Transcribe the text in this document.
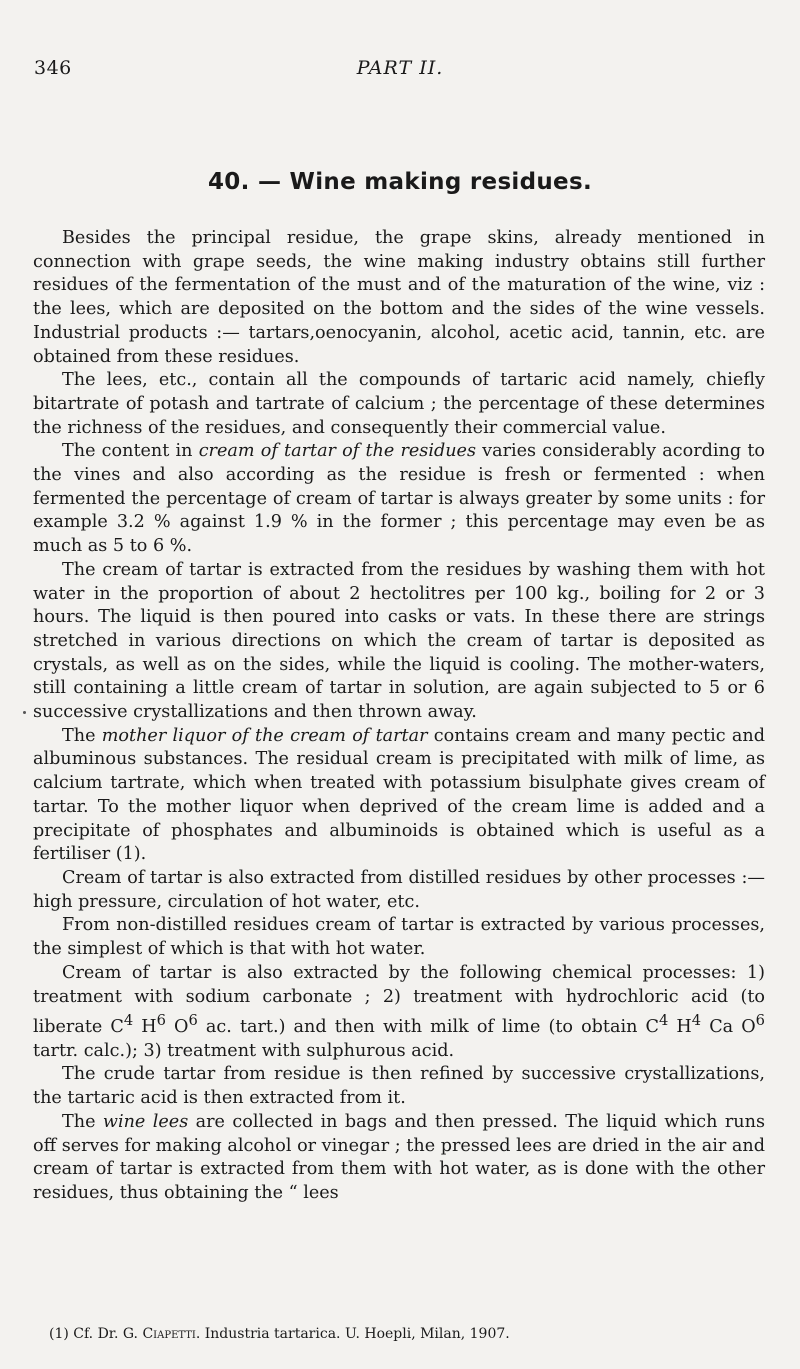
346	PART II.
40. — Wine making residues.

Besides the principal residue, the grape skins, already mentioned in connection with grape seeds, the wine making industry obtains still further residues of the fermentation of the must and of the maturation of the wine, viz : the lees, which are deposited on the bottom and the sides of the wine vessels. Industrial products :— tartars,oenocyanin, alcohol, acetic acid, tannin, etc. are obtained from these residues.

The lees, etc., contain all the compounds of tartaric acid namely, chiefly bitartrate of potash and tartrate of calcium ; the percentage of these determines the richness of the residues, and consequently their commercial value.

The content in cream of tartar of the residues varies considerably acording to the vines and also according as the residue is fresh or fermented : when fermented the percentage of cream of tartar is always greater by some units : for example 3.2 % against 1.9 % in the former ; this percentage may even be as much as 5 to 6 %.

The cream of tartar is extracted from the residues by washing them with hot water in the proportion of about 2 hectolitres per 100 kg., boiling for 2 or 3 hours. The liquid is then poured into casks or vats. In these there are strings stretched in various directions on which the cream of tartar is deposited as crystals, as well as on the sides, while the liquid is cooling. The mother-waters, still containing a little cream of tartar in solution, are again subjected to 5 or 6 successive crystallizations and then thrown away.

The mother liquor of the cream of tartar contains cream and many pectic and albuminous substances. The residual cream is precipitated with milk of lime, as calcium tartrate, which when treated with potassium bisulphate gives cream of tartar. To the mother liquor when deprived of the cream lime is added and a precipitate of phosphates and albuminoids is obtained which is useful as a fertiliser (1).

Cream of tartar is also extracted from distilled residues by other processes :— high pressure, circulation of hot water, etc.

From non-distilled residues cream of tartar is extracted by various processes, the simplest of which is that with hot water.

Cream of tartar is also extracted by the following chemical processes: 1) treatment with sodium carbonate ; 2) treatment with hydrochloric acid (to liberate $C^4$ $H^6$ $O^6$ ac. tart.) and then with milk of lime (to obtain $C^4$ $H^4$ Ca $O^6$ tartr. calc.); 3) treatment with sulphurous acid.

The crude tartar from residue is then refined by successive crystallizations, the tartaric acid is then extracted from it.

The wine lees are collected in bags and then pressed. The liquid which runs off serves for making alcohol or vinegar ; the pressed lees are dried in the air and cream of tartar is extracted from them with hot water, as is done with the other residues, thus obtaining the “ lees

(1) Cf. Dr. G. Ciapetti. Industria tartarica. U. Hoepli, Milan, 1907.
